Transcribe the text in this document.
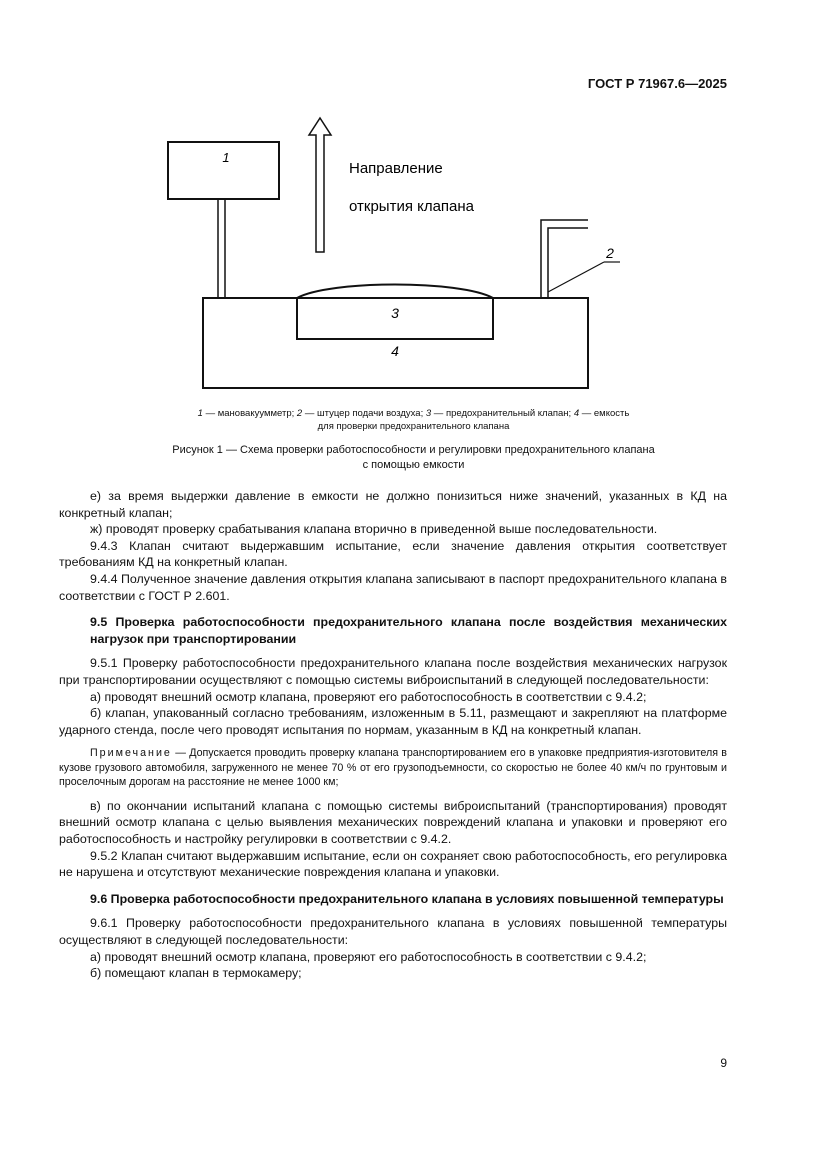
ГОСТ Р 71967.6—2025
1
4
3
2
Направление
открытия клапана
1 — мановакуумметр; 2 — штуцер подачи воздуха; 3 — предохранительный клапан; 4 — емкость
для проверки предохранительного клапана
Рисунок 1 — Схема проверки работоспособности и регулировки предохранительного клапана
с помощью емкости

е) за время выдержки давление в емкости не должно понизиться ниже значений, указанных в КД на конкретный клапан;

ж) проводят проверку срабатывания клапана вторично в приведенной выше последовательности.

9.4.3 Клапан считают выдержавшим испытание, если значение давления открытия соответствует требованиям КД на конкретный клапан.

9.4.4 Полученное значение давления открытия клапана записывают в паспорт предохранительного клапана в соответствии с ГОСТ Р 2.601.

9.5 Проверка работоспособности предохранительного клапана после воздействия механических нагрузок при транспортировании

9.5.1 Проверку работоспособности предохранительного клапана после воздействия механических нагрузок при транспортировании осуществляют с помощью системы виброиспытаний в следующей последовательности:

а) проводят внешний осмотр клапана, проверяют его работоспособность в соответствии с 9.4.2;

б) клапан, упакованный согласно требованиям, изложенным в 5.11, размещают и закрепляют на платформе ударного стенда, после чего проводят испытания по нормам, указанным в КД на конкретный клапан.

Примечание — Допускается проводить проверку клапана транспортированием его в упаковке предприятия-изготовителя в кузове грузового автомобиля, загруженного не менее 70 % от его грузоподъемности, со скоростью не более 40 км/ч по грунтовым и проселочным дорогам на расстояние не менее 1000 км;

в) по окончании испытаний клапана с помощью системы виброиспытаний (транспортирования) проводят внешний осмотр клапана с целью выявления механических повреждений клапана и упаковки и проверяют его работоспособность и настройку регулировки в соответствии с 9.4.2.

9.5.2 Клапан считают выдержавшим испытание, если он сохраняет свою работоспособность, его регулировка не нарушена и отсутствуют механические повреждения клапана и упаковки.

9.6 Проверка работоспособности предохранительного клапана в условиях повышенной температуры

9.6.1 Проверку работоспособности предохранительного клапана в условиях повышенной температуры осуществляют в следующей последовательности:

а) проводят внешний осмотр клапана, проверяют его работоспособность в соответствии с 9.4.2;

б) помещают клапан в термокамеру;

9
